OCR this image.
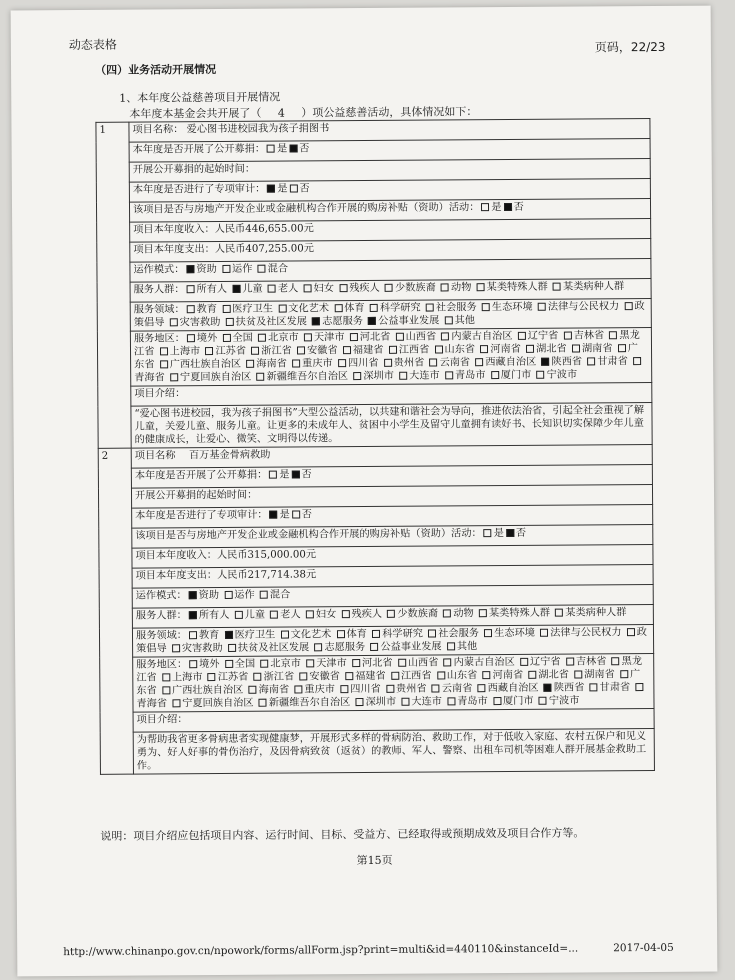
动态表格	页码，22/23
（四）业务活动开展情况
1、本年度公益慈善项目开展情况
本年度本基金会共开展了（ 4 ）项公益慈善活动，具体情况如下：
1	项目名称： 爱心图书进校园我为孩子捐图书
	本年度是否开展了公开募捐： 是 否
	开展公开募捐的起始时间：
	本年度是否进行了专项审计： 是 否
	该项目是否与房地产开发企业或金融机构合作开展的购房补贴（资助）活动： 是 否
	项目本年度收入：人民币446,655.00元
	项目本年度支出：人民币407,255.00元
	运作模式： 资助 运作 混合
	服务人群： 所有人 儿童 老人 妇女 残疾人 少数族裔 动物 某类特殊人群 某类病种人群
	服务领域： 教育 医疗卫生 文化艺术 体育 科学研究 社会服务 生态环境 法律与公民权力 政策倡导 灾害救助 扶贫及社区发展 志愿服务 公益事业发展 其他
	服务地区： 境外 全国 北京市 天津市 河北省 山西省 内蒙古自治区 辽宁省 吉林省 黑龙江省 上海市 江苏省 浙江省 安徽省 福建省 江西省 山东省 河南省 湖北省 湖南省 广东省 广西壮族自治区 海南省 重庆市 四川省 贵州省 云南省 西藏自治区 陕西省 甘肃省 青海省 宁夏回族自治区 新疆维吾尔自治区 深圳市 大连市 青岛市 厦门市 宁波市
	项目介绍：
	“爱心图书进校园，我为孩子捐图书”大型公益活动，以共建和谐社会为导向，推进依法治省，引起全社会重视了解儿童，关爱儿童、服务儿童。让更多的未成年人、贫困中小学生及留守儿童拥有读好书、长知识切实保障少年儿童的健康成长，让爱心、微笑、文明得以传递。
2	项目名称　 百万基金骨病救助
	本年度是否开展了公开募捐： 是 否
	开展公开募捐的起始时间：
	本年度是否进行了专项审计： 是 否
	该项目是否与房地产开发企业或金融机构合作开展的购房补贴（资助）活动： 是 否
	项目本年度收入：人民币315,000.00元
	项目本年度支出：人民币217,714.38元
	运作模式： 资助 运作 混合
	服务人群： 所有人 儿童 老人 妇女 残疾人 少数族裔 动物 某类特殊人群 某类病种人群
	服务领域： 教育 医疗卫生 文化艺术 体育 科学研究 社会服务 生态环境 法律与公民权力 政策倡导 灾害救助 扶贫及社区发展 志愿服务 公益事业发展 其他
	服务地区： 境外 全国 北京市 天津市 河北省 山西省 内蒙古自治区 辽宁省 吉林省 黑龙江省 上海市 江苏省 浙江省 安徽省 福建省 江西省 山东省 河南省 湖北省 湖南省 广东省 广西壮族自治区 海南省 重庆市 四川省 贵州省 云南省 西藏自治区 陕西省 甘肃省 青海省 宁夏回族自治区 新疆维吾尔自治区 深圳市 大连市 青岛市 厦门市 宁波市
	项目介绍：
	为帮助我省更多骨病患者实现健康梦，开展形式多样的骨病防治、救助工作，对于低收入家庭、农村五保户和见义勇为、好人好事的骨伤治疗，及因骨病致贫（返贫）的教师、军人、警察、出租车司机等困难人群开展基金救助工作。
说明：项目介绍应包括项目内容、运行时间、目标、受益方、已经取得或预期成效及项目合作方等。
第15页
http://www.chinanpo.gov.cn/npowork/forms/allForm.jsp?print=multi&id=440110&instanceId=...	2017-04-05
